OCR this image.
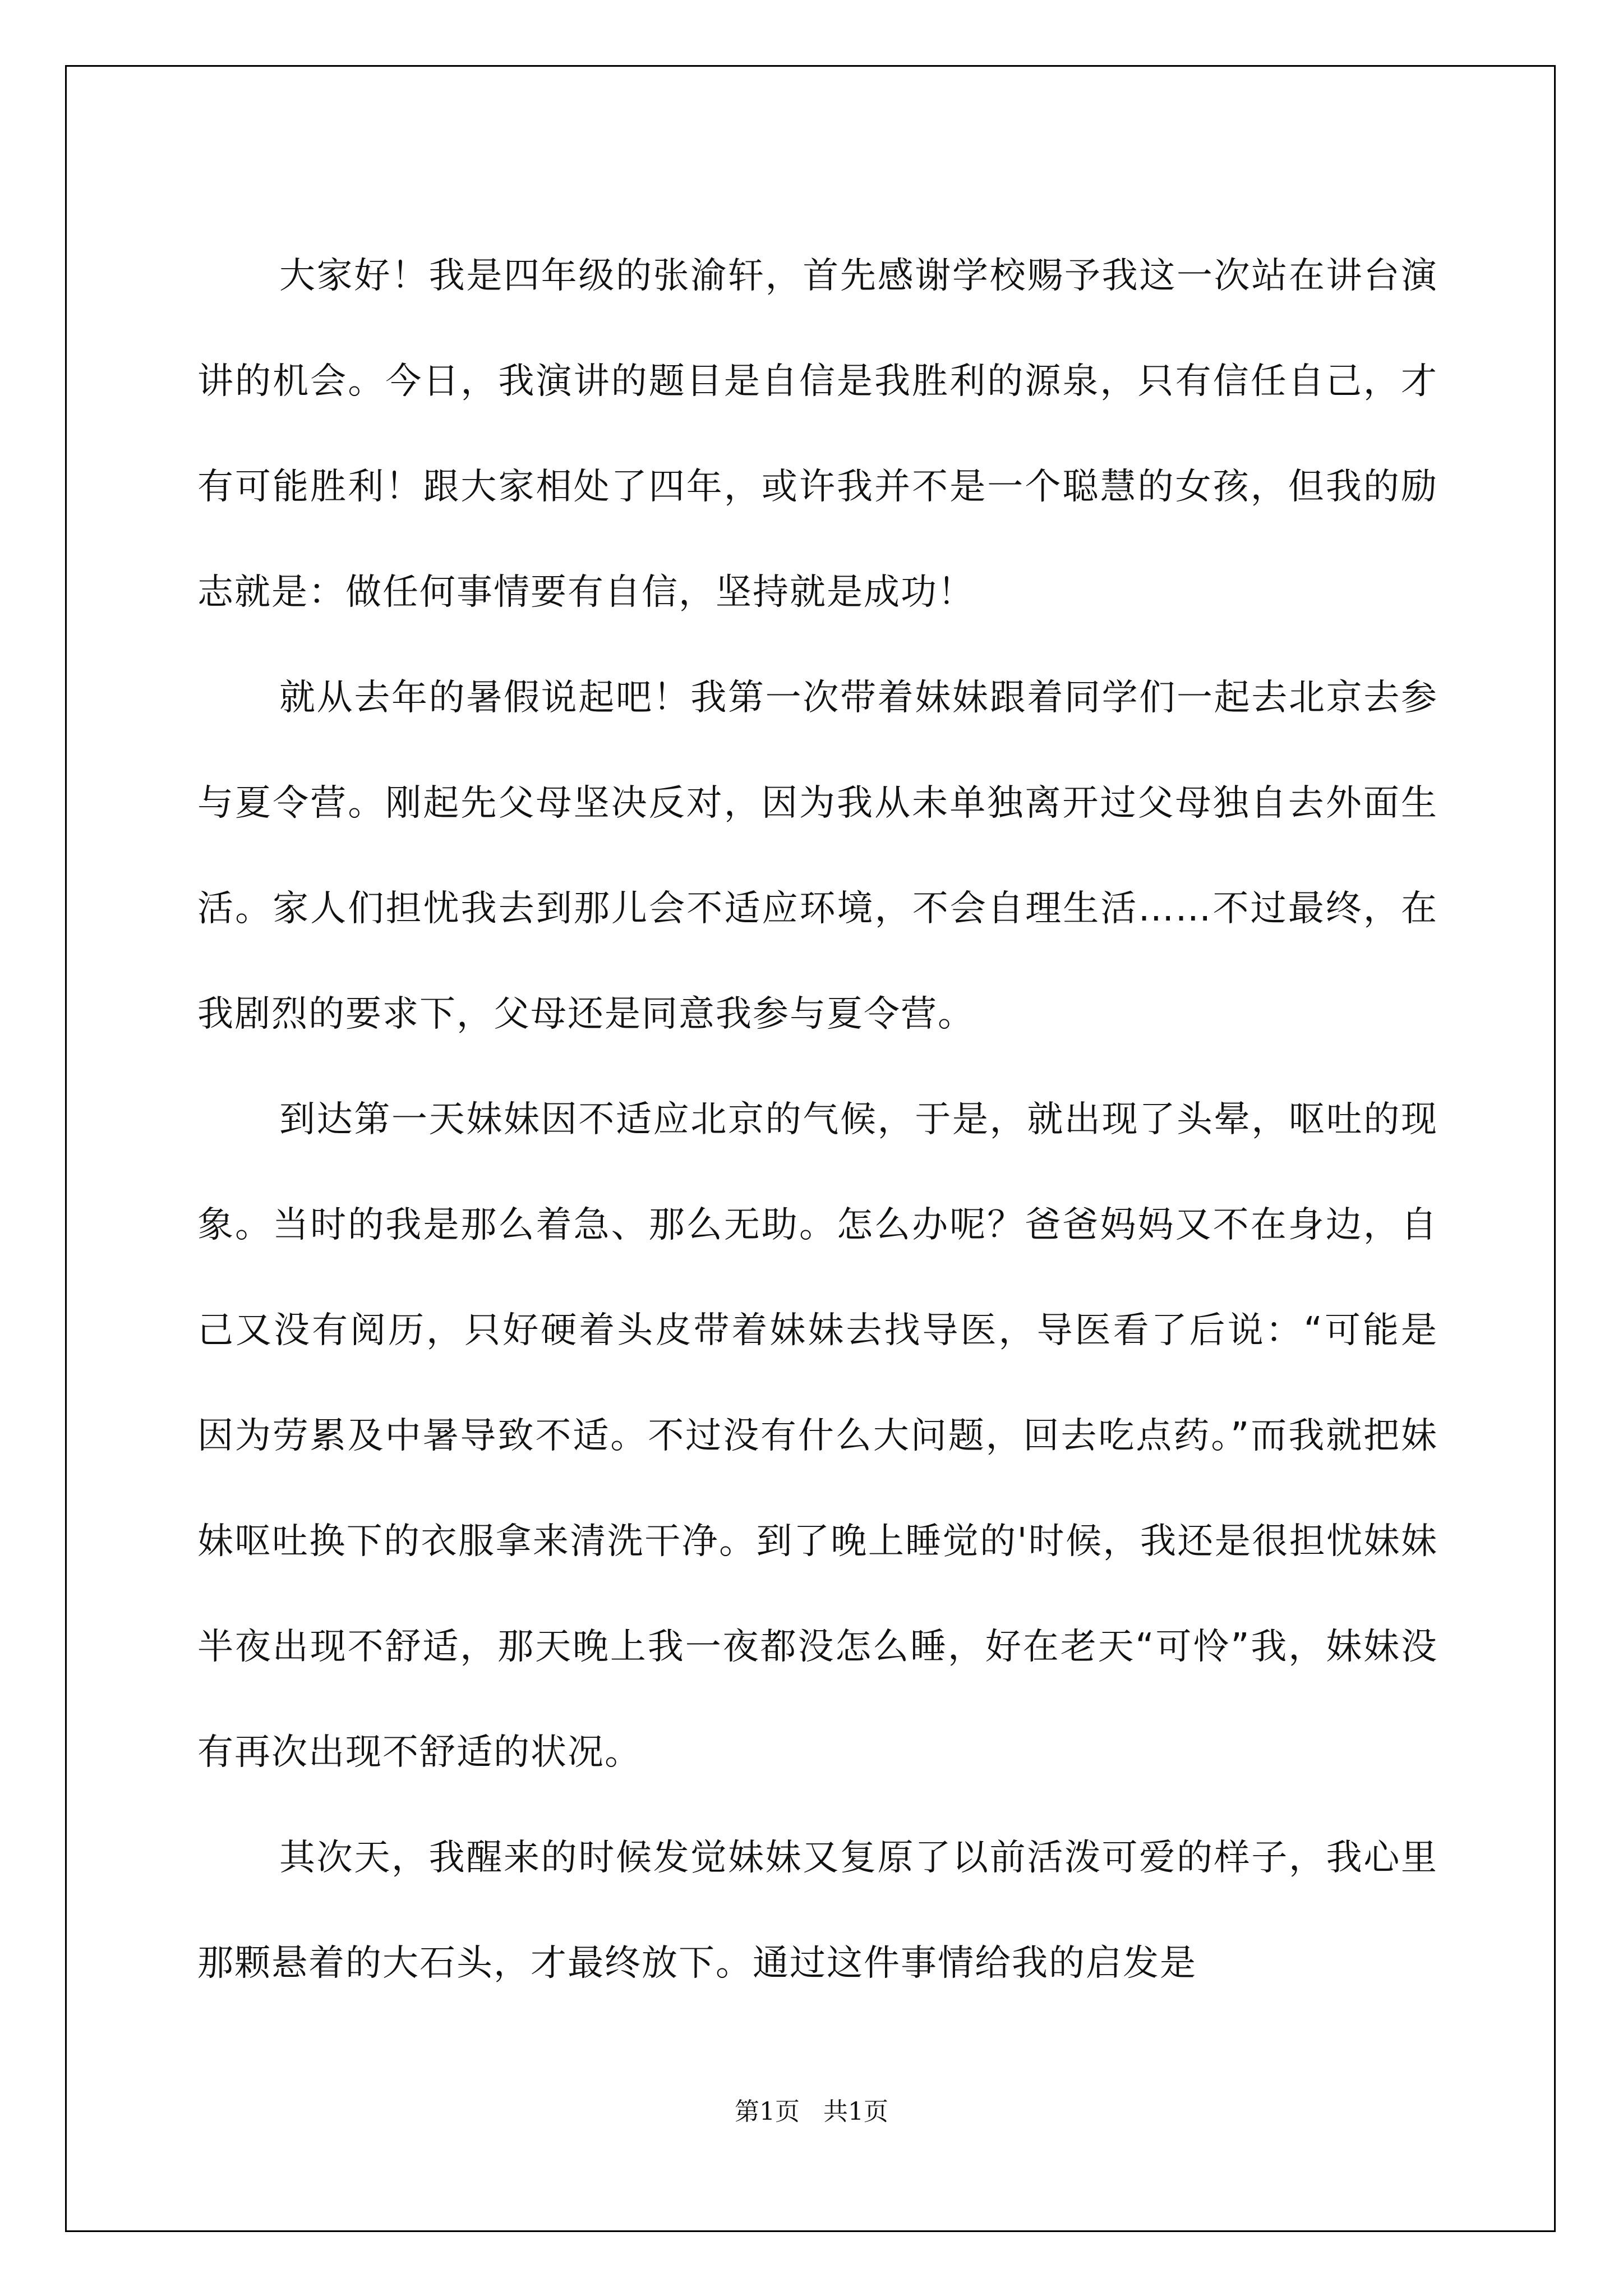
大家好！我是四年级的张渝轩，首先感谢学校赐予我这一次站在讲台演讲的机会。今日，我演讲的题目是自信是我胜利的源泉，只有信任自己，才有可能胜利！跟大家相处了四年，或许我并不是一个聪慧的女孩，但我的励志就是：做任何事情要有自信，坚持就是成功！

就从去年的暑假说起吧！我第一次带着妹妹跟着同学们一起去北京去参与夏令营。刚起先父母坚决反对，因为我从未单独离开过父母独自去外面生活。家人们担忧我去到那儿会不适应环境，不会自理生活……不过最终，在我剧烈的要求下，父母还是同意我参与夏令营。

到达第一天妹妹因不适应北京的气候，于是，就出现了头晕，呕吐的现象。当时的我是那么着急、那么无助。怎么办呢？爸爸妈妈又不在身边，自己又没有阅历，只好硬着头皮带着妹妹去找导医，导医看了后说：“可能是因为劳累及中暑导致不适。不过没有什么大问题，回去吃点药。”而我就把妹妹呕吐换下的衣服拿来清洗干净。到了晚上睡觉的'时候，我还是很担忧妹妹半夜出现不舒适，那天晚上我一夜都没怎么睡，好在老天“可怜”我，妹妹没有再次出现不舒适的状况。

其次天，我醒来的时候发觉妹妹又复原了以前活泼可爱的样子，我心里那颗悬着的大石头，才最终放下。通过这件事情给我的启发是

第1页   共1页
